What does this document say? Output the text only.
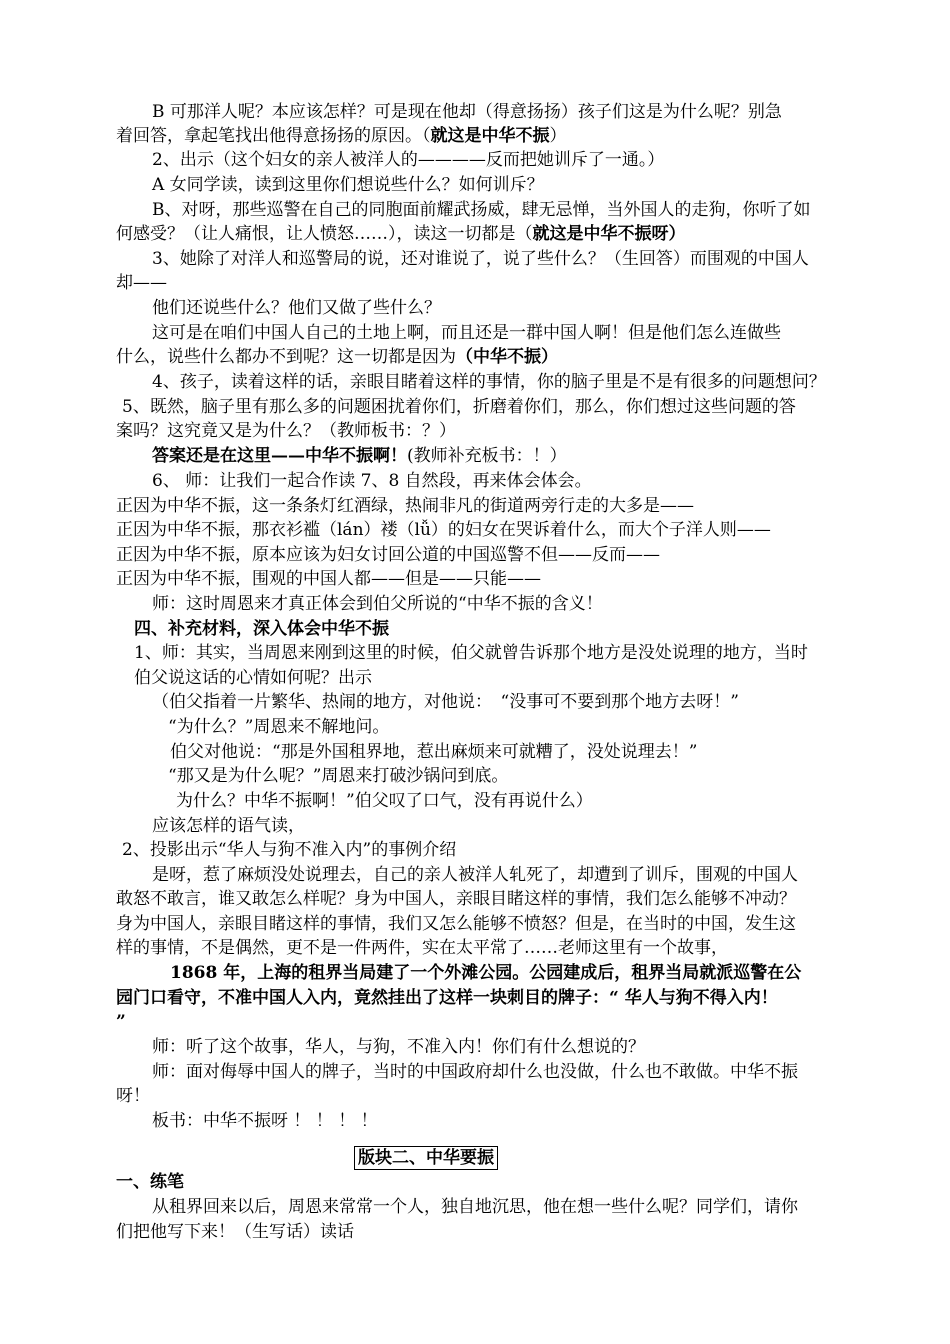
B 可那洋人呢？本应该怎样？可是现在他却（得意扬扬）孩子们这是为什么呢？别急
着回答，拿起笔找出他得意扬扬的原因。（就这是中华不振）
2、出示（这个妇女的亲人被洋人的————反而把她训斥了一通。）
A 女同学读，读到这里你们想说些什么？如何训斥？
B、对呀，那些巡警在自己的同胞面前耀武扬威，肆无忌惮，当外国人的走狗，你听了如
何感受？（让人痛恨，让人愤怒……），读这一切都是（就这是中华不振呀）
3、她除了对洋人和巡警局的说，还对谁说了，说了些什么？（生回答）而围观的中国人
却——
他们还说些什么？他们又做了些什么？
这可是在咱们中国人自己的土地上啊，而且还是一群中国人啊！但是他们怎么连做些
什么，说些什么都办不到呢？这一切都是因为（中华不振）
4、孩子，读着这样的话，亲眼目睹着这样的事情，你的脑子里是不是有很多的问题想问？
5、既然，脑子里有那么多的问题困扰着你们，折磨着你们，那么，你们想过这些问题的答
案吗？这究竟又是为什么？（教师板书：？）
答案还是在这里——中华不振啊！(教师补充板书：！）
6、 师：让我们一起合作读 7、8 自然段，再来体会体会。
正因为中华不振，这一条条灯红酒绿，热闹非凡的街道两旁行走的大多是——
正因为中华不振，那衣衫褴（lán）褛（lǚ）的妇女在哭诉着什么，而大个子洋人则——
正因为中华不振，原本应该为妇女讨回公道的中国巡警不但——反而——
正因为中华不振，围观的中国人都——但是——只能——
师：这时周恩来才真正体会到伯父所说的“中华不振的含义！
四、补充材料，深入体会中华不振
1、师：其实，当周恩来刚到这里的时候，伯父就曾告诉那个地方是没处说理的地方，当时
伯父说这话的心情如何呢？出示
（伯父指着一片繁华、热闹的地方，对他说：　“没事可不要到那个地方去呀！”
“为什么？”周恩来不解地问。
伯父对他说：“那是外国租界地，惹出麻烦来可就糟了，没处说理去！”
“那又是为什么呢？”周恩来打破沙锅问到底。
为什么？中华不振啊！”伯父叹了口气，没有再说什么）
应该怎样的语气读，
2、投影出示“华人与狗不准入内”的事例介绍
是呀，惹了麻烦没处说理去，自己的亲人被洋人轧死了，却遭到了训斥，围观的中国人
敢怒不敢言，谁又敢怎么样呢？身为中国人，亲眼目睹这样的事情，我们怎么能够不冲动？
身为中国人，亲眼目睹这样的事情，我们又怎么能够不愤怒？但是，在当时的中国，发生这
样的事情，不是偶然，更不是一件两件，实在太平常了……老师这里有一个故事，
1868 年，上海的租界当局建了一个外滩公园。公园建成后，租界当局就派巡警在公
园门口看守，不准中国人入内，竟然挂出了这样一块刺目的牌子：“ 华人与狗不得入内！
”
师：听了这个故事，华人，与狗，不准入内！你们有什么想说的？
师：面对侮辱中国人的牌子，当时的中国政府却什么也没做，什么也不敢做。中华不振
呀！
板书：中华不振呀 ！ ！ ！ ！
版块二、中华要振
一、练笔
从租界回来以后，周恩来常常一个人，独自地沉思，他在想一些什么呢？同学们，请你
们把他写下来！（生写话）读话
